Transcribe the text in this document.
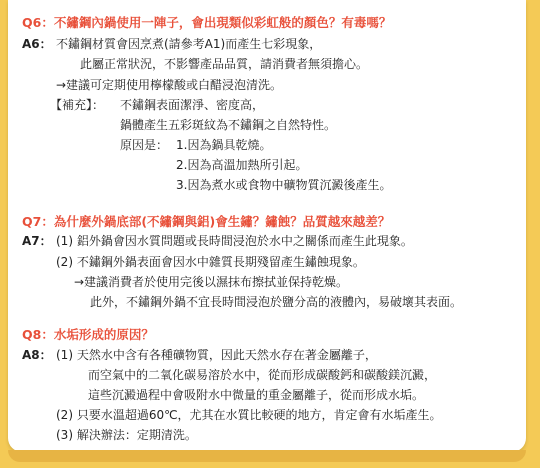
Q6：不鏽鋼內鍋使用一陣子，會出現類似彩虹般的顏色？有毒嗎？
A6： 不鏽鋼材質會因烹煮(請參考A1)而產生七彩現象，
此屬正常狀況，不影響產品品質，請消費者無須擔心。
→建議可定期使用檸檬酸或白醋浸泡清洗。
【補充】： 不鏽鋼表面潔淨、密度高，
鍋體產生五彩斑紋為不鏽鋼之自然特性。
原因是： 1.因為鍋具乾燒。
2.因為高溫加熱所引起。
3.因為煮水或食物中礦物質沉澱後產生。
Q7：為什麼外鍋底部(不鏽鋼與鋁)會生鏽？鏽蝕？品質越來越差？
A7： (1) 鋁外鍋會因水質問題或長時間浸泡於水中之關係而產生此現象。
(2) 不鏽鋼外鍋表面會因水中雜質長期殘留產生鏽蝕現象。
→建議消費者於使用完後以濕抹布擦拭並保持乾燥。
此外，不鏽鋼外鍋不宜長時間浸泡於鹽分高的液體內，易破壞其表面。
Q8：水垢形成的原因？
A8： (1) 天然水中含有各種礦物質，因此天然水存在著金屬離子，
而空氣中的二氧化碳易溶於水中，從而形成碳酸鈣和碳酸鎂沉澱，
這些沉澱過程中會吸附水中微量的重金屬離子，從而形成水垢。
(2) 只要水溫超過60℃，尤其在水質比較硬的地方，肯定會有水垢產生。
(3) 解決辦法：定期清洗。
